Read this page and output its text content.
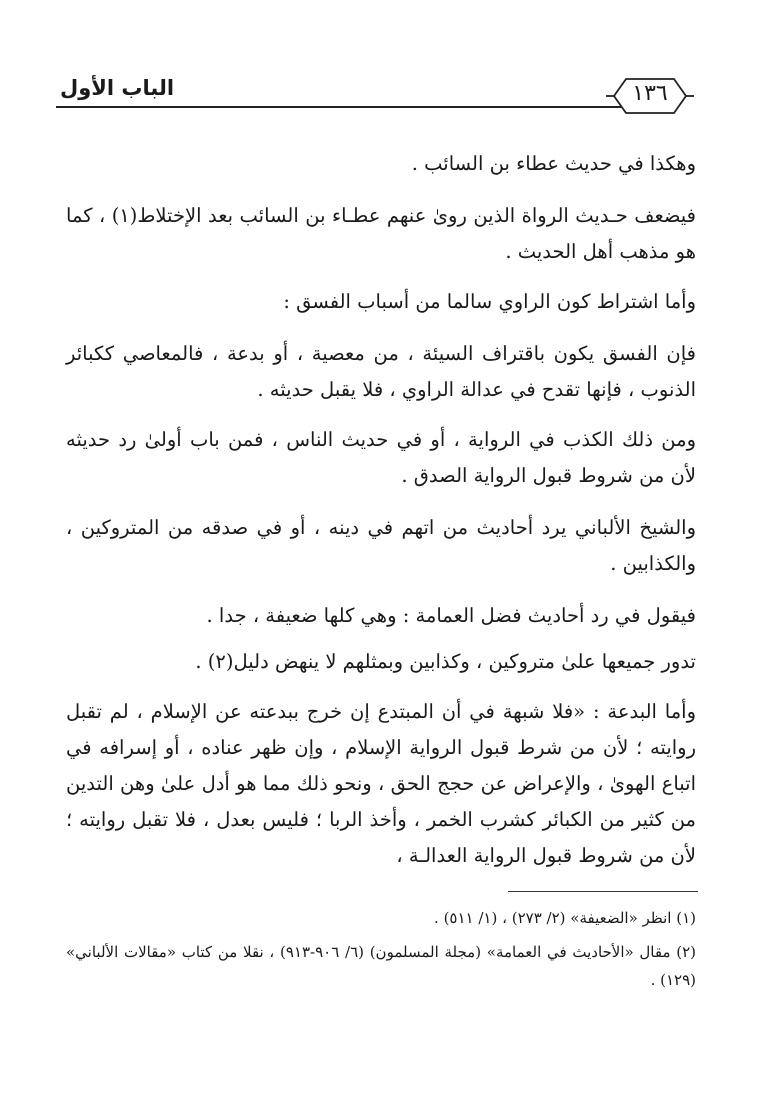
الباب الأول	١٣٦
وهكذا في حديث عطاء بن السائب .
فيضعف حـديث الرواة الذين روىٰ عنهم عطـاء بن السائب بعد الإختلاط(١) ، كما هو مذهب أهل الحديث .
وأما اشتراط كون الراوي سالما من أسباب الفسق :
فإن الفسق يكون باقتراف السيئة ، من معصية ، أو بدعة ، فالمعاصي ككبائر الذنوب ، فإنها تقدح في عدالة الراوي ، فلا يقبل حديثه .
ومن ذلك الكذب في الرواية ، أو في حديث الناس ، فمن باب أولىٰ رد حديثه لأن من شروط قبول الرواية الصدق .
والشيخ الألباني يرد أحاديث من اتهم في دينه ، أو في صدقه من المتروكين ، والكذابين .
فيقول في رد أحاديث فضل العمامة : وهي كلها ضعيفة ، جدا .
تدور جميعها علىٰ متروكين ، وكذابين وبمثلهم لا ينهض دليل(٢) .
وأما البدعة : «فلا شبهة في أن المبتدع إن خرج ببدعته عن الإسلام ، لم تقبل روايته ؛ لأن من شرط قبول الرواية الإسلام ، وإن ظهر عناده ، أو إسرافه في اتباع الهوىٰ ، والإعراض عن حجج الحق ، ونحو ذلك مما هو أدل علىٰ وهن التدين من كثير من الكبائر كشرب الخمر ، وأخذ الربا ؛ فليس بعدل ، فلا تقبل روايته ؛ لأن من شروط قبول الرواية العدالـة ،
(١) انظر «الضعيفة» (٢/ ٢٧٣) ، (١/ ٥١١) .
(٢) مقال «الأحاديث في العمامة» (مجلة المسلمون) (٦/ ٩٠٦-٩١٣) ، نقلا من كتاب «مقالات الألباني» (١٢٩) .
